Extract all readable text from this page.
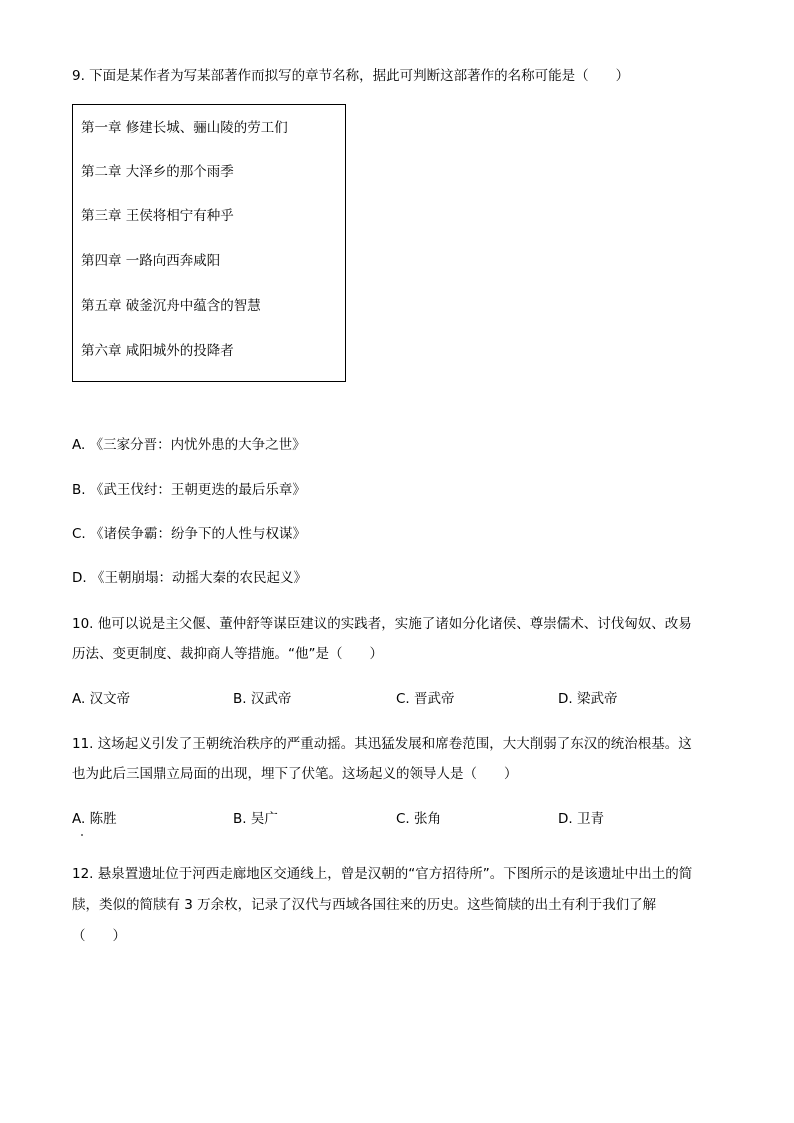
9. 下面是某作者为写某部著作而拟写的章节名称，据此可判断这部著作的名称可能是（　　）
第一章 修建长城、骊山陵的劳工们
第二章 大泽乡的那个雨季
第三章 王侯将相宁有种乎
第四章 一路向西奔咸阳
第五章 破釜沉舟中蕴含的智慧
第六章 咸阳城外的投降者
A. 《三家分晋：内忧外患的大争之世》
B. 《武王伐纣：王朝更迭的最后乐章》
C. 《诸侯争霸：纷争下的人性与权谋》
D. 《王朝崩塌：动摇大秦的农民起义》
10. 他可以说是主父偃、董仲舒等谋臣建议的实践者，实施了诸如分化诸侯、尊崇儒术、讨伐匈奴、改易
历法、变更制度、裁抑商人等措施。“他”是（　　）
A. 汉文帝	B. 汉武帝	C. 晋武帝	D. 梁武帝
11. 这场起义引发了王朝统治秩序的严重动摇。其迅猛发展和席卷范围，大大削弱了东汉的统治根基。这
也为此后三国鼎立局面的出现，埋下了伏笔。这场起义的领导人是（　　）
A. 陈胜	B. 吴广	C. 张角	D. 卫青
12. 悬泉置遗址位于河西走廊地区交通线上，曾是汉朝的“官方招待所”。下图所示的是该遗址中出土的简
牍，类似的简牍有 3 万余枚，记录了汉代与西域各国往来的历史。这些简牍的出土有利于我们了解
（　　）
